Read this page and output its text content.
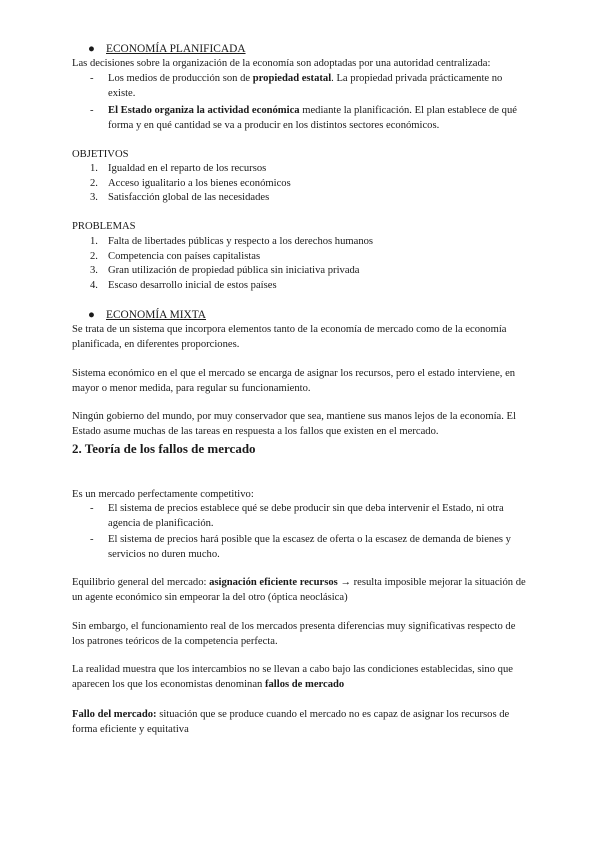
● ECONOMÍA PLANIFICADA
Las decisiones sobre la organización de la economía son adoptadas por una autoridad centralizada:
- Los medios de producción son de propiedad estatal. La propiedad privada prácticamente no existe.
- El Estado organiza la actividad económica mediante la planificación. El plan establece de qué forma y en qué cantidad se va a producir en los distintos sectores económicos.
OBJETIVOS
1. Igualdad en el reparto de los recursos
2. Acceso igualitario a los bienes económicos
3. Satisfacción global de las necesidades
PROBLEMAS
1. Falta de libertades públicas y respecto a los derechos humanos
2. Competencia con países capitalistas
3. Gran utilización de propiedad pública sin iniciativa privada
4. Escaso desarrollo inicial de estos países
● ECONOMÍA MIXTA
Se trata de un sistema que incorpora elementos tanto de la economía de mercado como de la economía planificada, en diferentes proporciones.
Sistema económico en el que el mercado se encarga de asignar los recursos, pero el estado interviene, en mayor o menor medida, para regular su funcionamiento.
Ningún gobierno del mundo, por muy conservador que sea, mantiene sus manos lejos de la economía. El Estado asume muchas de las tareas en respuesta a los fallos que existen en el mercado.
2. Teoría de los fallos de mercado
Es un mercado perfectamente competitivo:
- El sistema de precios establece qué se debe producir sin que deba intervenir el Estado, ni otra agencia de planificación.
- El sistema de precios hará posible que la escasez de oferta o la escasez de demanda de bienes y servicios no duren mucho.
Equilibrio general del mercado: asignación eficiente recursos → resulta imposible mejorar la situación de un agente económico sin empeorar la del otro (óptica neoclásica)
Sin embargo, el funcionamiento real de los mercados presenta diferencias muy significativas respecto de los patrones teóricos de la competencia perfecta.
La realidad muestra que los intercambios no se llevan a cabo bajo las condiciones establecidas, sino que aparecen los que los economistas denominan fallos de mercado
Fallo del mercado: situación que se produce cuando el mercado no es capaz de asignar los recursos de forma eficiente y equitativa
